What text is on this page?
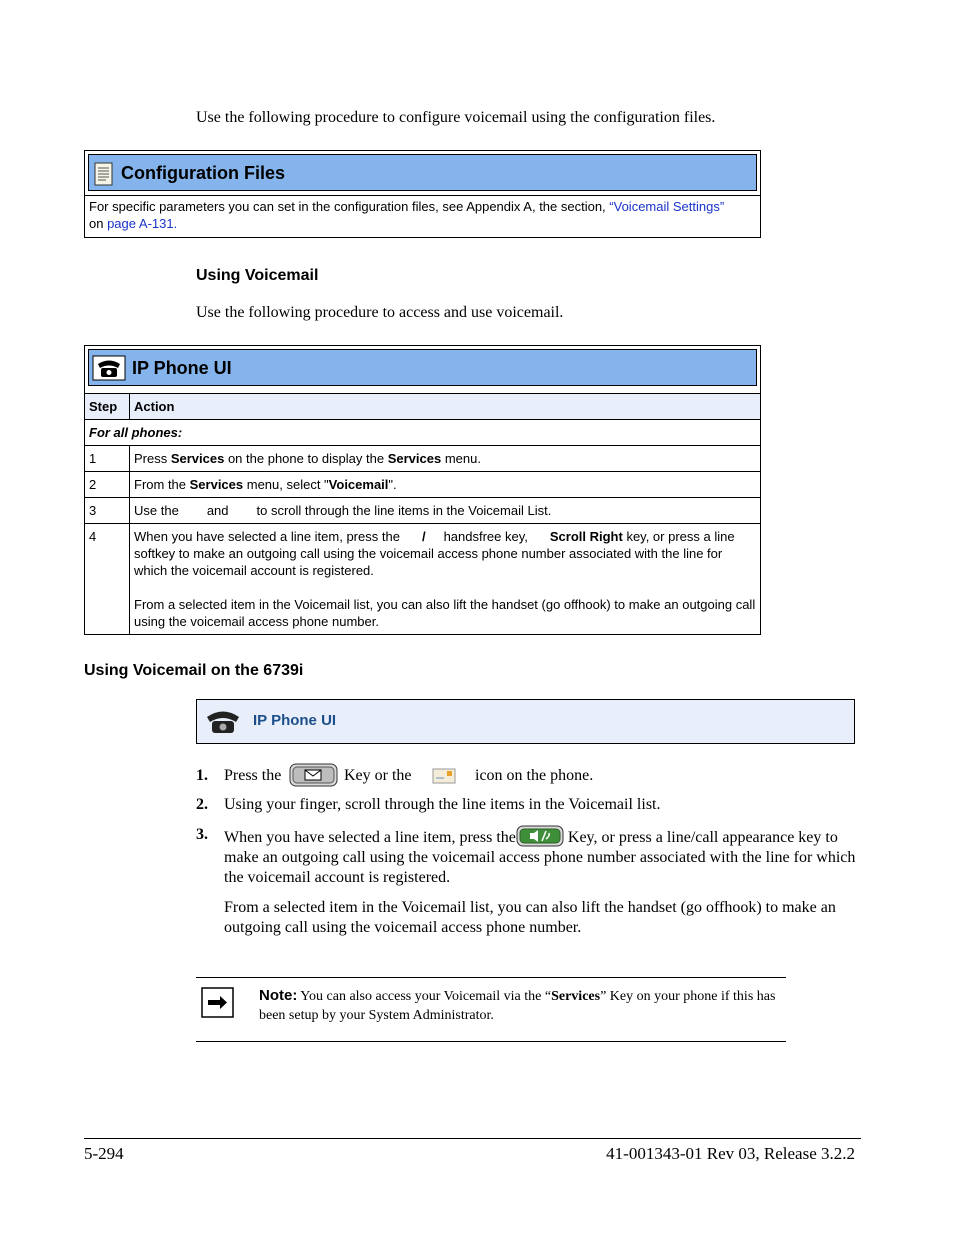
Use the following procedure to configure voicemail using the configuration files.
Configuration Files
For specific parameters you can set in the configuration files, see Appendix A, the section, “Voicemail Settings” on page A-131.
Using Voicemail
Use the following procedure to access and use voicemail.
IP Phone UI
Step	Action
For all phones:	
1	Press Services on the phone to display the Services menu.
2	From the Services menu, select "Voicemail".
3	Use the and to scroll through the line items in the Voicemail List.
4	When you have selected a line item, press the / handsfree key, Scroll Right key, or press a line softkey to make an outgoing call using the voicemail access phone number associated with the line for which the voicemail account is registered.
From a selected item in the Voicemail list, you can also lift the handset (go offhook) to make an outgoing call using the voicemail access phone number.
Using Voicemail on the 6739i
IP Phone UI
1. Press the	Key or the	icon on the phone.
2. Using your finger, scroll through the line items in the Voicemail list.
3. When you have selected a line item, press the	Key, or press a line/call appearance key to make an outgoing call using the voicemail access phone number associated with the line for which the voicemail account is registered.
From a selected item in the Voicemail list, you can also lift the handset (go offhook) to make an outgoing call using the voicemail access phone number.
Note: You can also access your Voicemail via the “Services” Key on your phone if this has been setup by your System Administrator.
5-294	41-001343-01 Rev 03, Release 3.2.2
